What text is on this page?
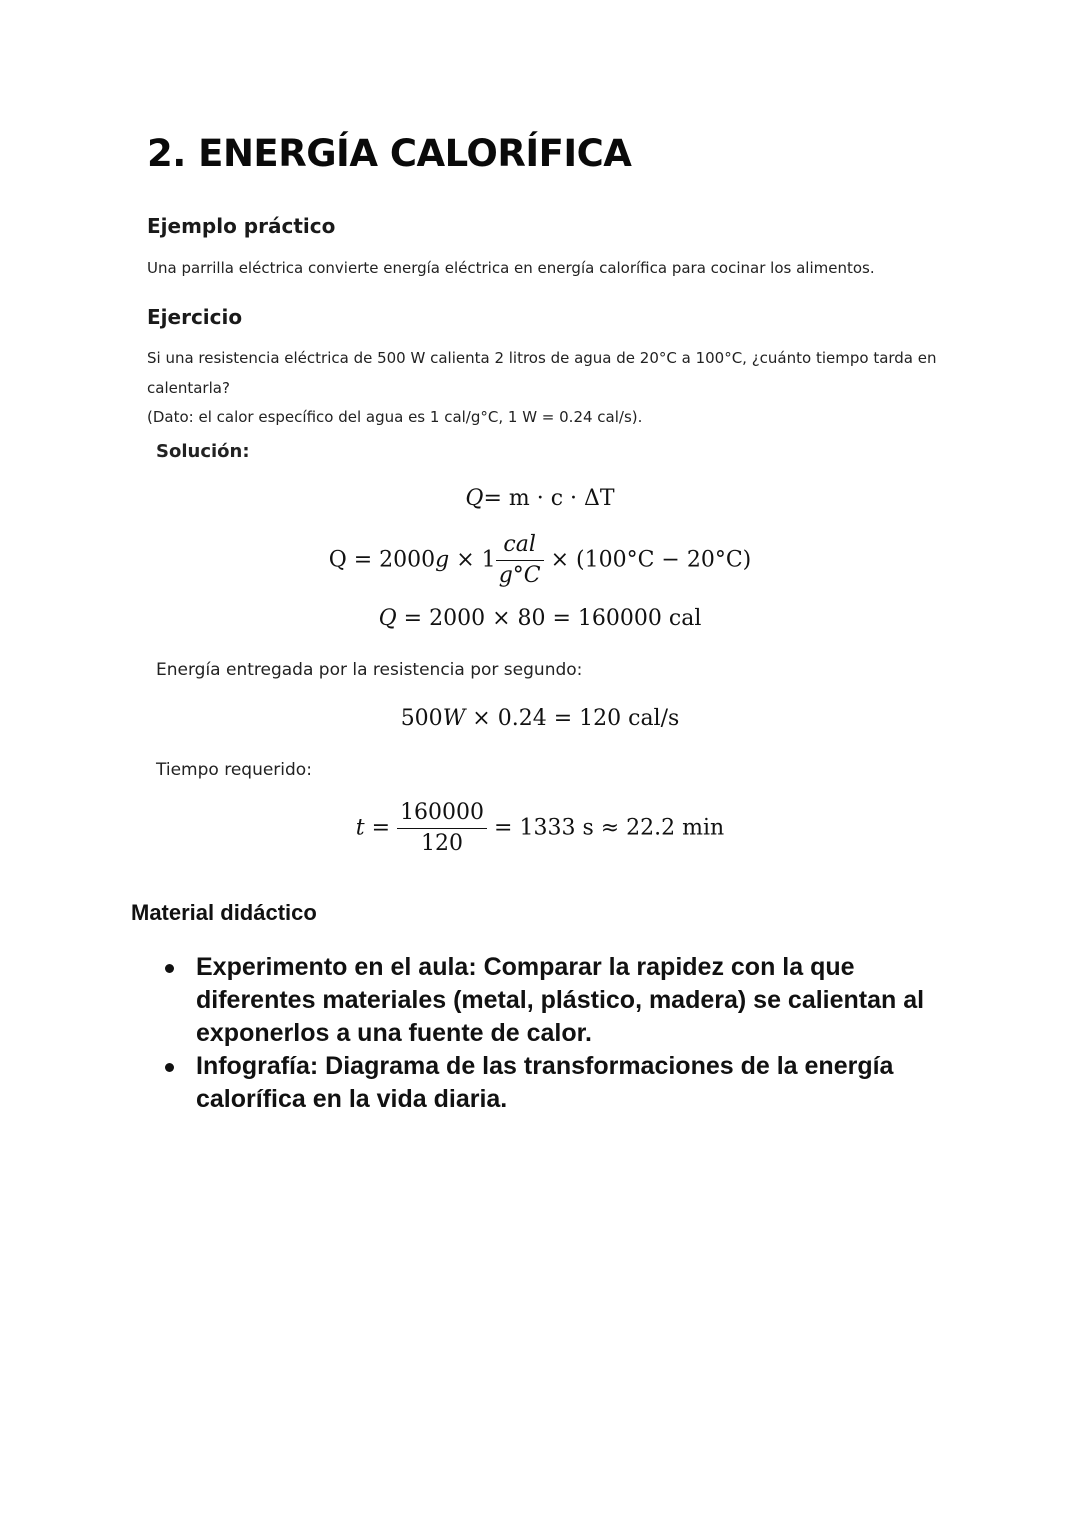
2. ENERGÍA CALORÍFICA
Ejemplo práctico
Una parrilla eléctrica convierte energía eléctrica en energía calorífica para cocinar los alimentos.
Ejercicio
Si una resistencia eléctrica de 500 W calienta 2 litros de agua de 20°C a 100°C, ¿cuánto tiempo tarda en
calentarla?
(Dato: el calor específico del agua es 1 cal/g°C, 1 W = 0.24 cal/s).
Solución:
Q= m · c · ΔT
$Q = 2000g \times 1 \frac{\text{cal}}{g^\circ C} \times (100^\circ C - 20^\circ C)$
Q = 2000 × 80 = 160000 cal
Energía entregada por la resistencia por segundo:
500W × 0.24 = 120 cal/s
Tiempo requerido:
$t = \frac{160000}{120} = 1333$ s ≈ 22.2 min
Material didáctico
Experimento en el aula: Comparar la rapidez con la que diferentes materiales (metal, plástico, madera) se calientan al exponerlos a una fuente de calor.
Infografía: Diagrama de las transformaciones de la energía calorífica en la vida diaria.
